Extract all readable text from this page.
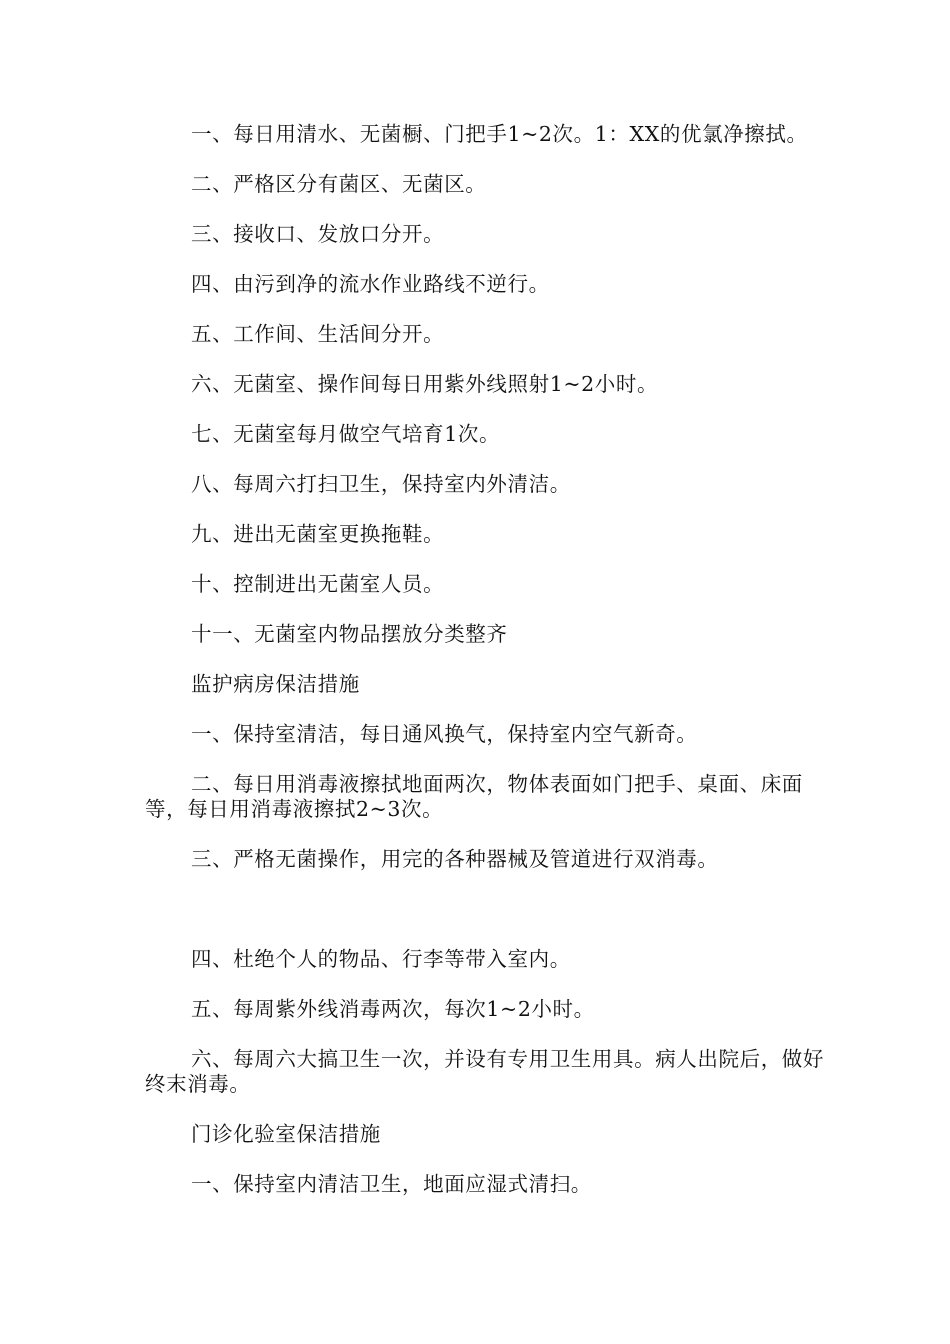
一、每日用清水、无菌橱、门把手1~2次。1：XX的优氯净擦拭。

二、严格区分有菌区、无菌区。

三、接收口、发放口分开。

四、由污到净的流水作业路线不逆行。

五、工作间、生活间分开。

六、无菌室、操作间每日用紫外线照射1~2小时。

七、无菌室每月做空气培育1次。

八、每周六打扫卫生，保持室内外清洁。

九、进出无菌室更换拖鞋。

十、控制进出无菌室人员。

十一、无菌室内物品摆放分类整齐

监护病房保洁措施

一、保持室清洁，每日通风换气，保持室内空气新奇。

二、每日用消毒液擦拭地面两次，物体表面如门把手、桌面、床面等，每日用消毒液擦拭2~3次。

三、严格无菌操作，用完的各种器械及管道进行双消毒。

四、杜绝个人的物品、行李等带入室内。

五、每周紫外线消毒两次，每次1~2小时。

六、每周六大搞卫生一次，并设有专用卫生用具。病人出院后，做好终末消毒。

门诊化验室保洁措施

一、保持室内清洁卫生，地面应湿式清扫。
